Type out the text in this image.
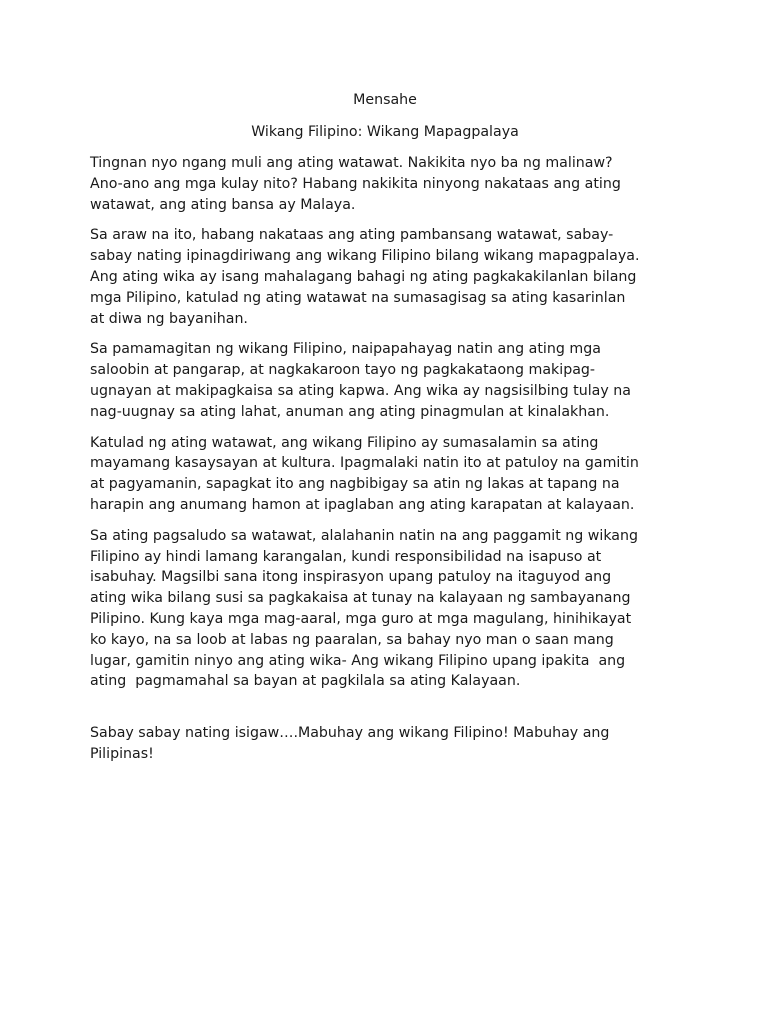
Mensahe

Wikang Filipino: Wikang Mapagpalaya

Tingnan nyo ngang muli ang ating watawat. Nakikita nyo ba ng malinaw?
Ano-ano ang mga kulay nito? Habang nakikita ninyong nakataas ang ating
watawat, ang ating bansa ay Malaya.

Sa araw na ito, habang nakataas ang ating pambansang watawat, sabay-
sabay nating ipinagdiriwang ang wikang Filipino bilang wikang mapagpalaya.
Ang ating wika ay isang mahalagang bahagi ng ating pagkakakilanlan bilang
mga Pilipino, katulad ng ating watawat na sumasagisag sa ating kasarinlan
at diwa ng bayanihan.

Sa pamamagitan ng wikang Filipino, naipapahayag natin ang ating mga
saloobin at pangarap, at nagkakaroon tayo ng pagkakataong makipag-
ugnayan at makipagkaisa sa ating kapwa. Ang wika ay nagsisilbing tulay na
nag-uugnay sa ating lahat, anuman ang ating pinagmulan at kinalakhan.

Katulad ng ating watawat, ang wikang Filipino ay sumasalamin sa ating
mayamang kasaysayan at kultura. Ipagmalaki natin ito at patuloy na gamitin
at pagyamanin, sapagkat ito ang nagbibigay sa atin ng lakas at tapang na
harapin ang anumang hamon at ipaglaban ang ating karapatan at kalayaan.

Sa ating pagsaludo sa watawat, alalahanin natin na ang paggamit ng wikang
Filipino ay hindi lamang karangalan, kundi responsibilidad na isapuso at
isabuhay. Magsilbi sana itong inspirasyon upang patuloy na itaguyod ang
ating wika bilang susi sa pagkakaisa at tunay na kalayaan ng sambayanang
Pilipino. Kung kaya mga mag-aaral, mga guro at mga magulang, hinihikayat
ko kayo, na sa loob at labas ng paaralan, sa bahay nyo man o saan mang
lugar, gamitin ninyo ang ating wika- Ang wikang Filipino upang ipakita  ang
ating  pagmamahal sa bayan at pagkilala sa ating Kalayaan.

Sabay sabay nating isigaw….Mabuhay ang wikang Filipino! Mabuhay ang
Pilipinas!
